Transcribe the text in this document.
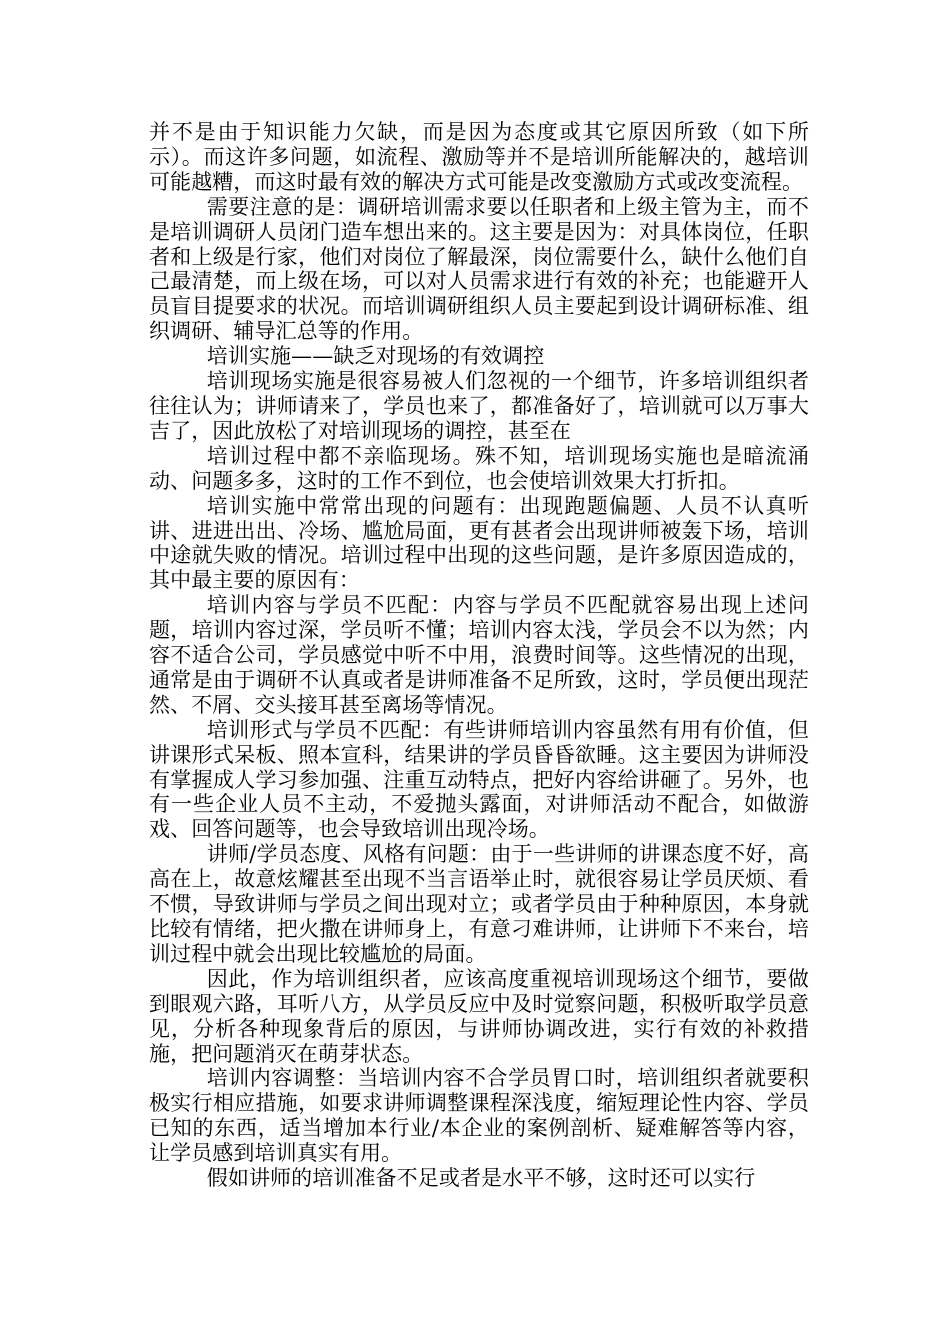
并不是由于知识能力欠缺，而是因为态度或其它原因所致（如下所示）。而这许多问题，如流程、激励等并不是培训所能解决的，越培训可能越糟，而这时最有效的解决方式可能是改变激励方式或改变流程。

需要注意的是：调研培训需求要以任职者和上级主管为主，而不是培训调研人员闭门造车想出来的。这主要是因为：对具体岗位，任职者和上级是行家，他们对岗位了解最深，岗位需要什么，缺什么他们自己最清楚，而上级在场，可以对人员需求进行有效的补充；也能避开人员盲目提要求的状况。而培训调研组织人员主要起到设计调研标准、组织调研、辅导汇总等的作用。

培训实施——缺乏对现场的有效调控

培训现场实施是很容易被人们忽视的一个细节，许多培训组织者往往认为；讲师请来了，学员也来了，都准备好了，培训就可以万事大吉了，因此放松了对培训现场的调控，甚至在

培训过程中都不亲临现场。殊不知，培训现场实施也是暗流涌动、问题多多，这时的工作不到位，也会使培训效果大打折扣。

培训实施中常常出现的问题有：出现跑题偏题、人员不认真听讲、进进出出、冷场、尴尬局面，更有甚者会出现讲师被轰下场，培训中途就失败的情况。培训过程中出现的这些问题，是许多原因造成的，其中最主要的原因有：

培训内容与学员不匹配：内容与学员不匹配就容易出现上述问题，培训内容过深，学员听不懂；培训内容太浅，学员会不以为然；内容不适合公司，学员感觉中听不中用，浪费时间等。这些情况的出现，通常是由于调研不认真或者是讲师准备不足所致，这时，学员便出现茫然、不屑、交头接耳甚至离场等情况。

培训形式与学员不匹配：有些讲师培训内容虽然有用有价值，但讲课形式呆板、照本宣科，结果讲的学员昏昏欲睡。这主要因为讲师没有掌握成人学习参加强、注重互动特点，把好内容给讲砸了。另外，也有一些企业人员不主动，不爱抛头露面，对讲师活动不配合，如做游戏、回答问题等，也会导致培训出现冷场。

讲师/学员态度、风格有问题：由于一些讲师的讲课态度不好，高高在上，故意炫耀甚至出现不当言语举止时，就很容易让学员厌烦、看不惯，导致讲师与学员之间出现对立；或者学员由于种种原因，本身就比较有情绪，把火撒在讲师身上，有意刁难讲师，让讲师下不来台，培训过程中就会出现比较尴尬的局面。

因此，作为培训组织者，应该高度重视培训现场这个细节，要做到眼观六路，耳听八方，从学员反应中及时觉察问题，积极听取学员意见，分析各种现象背后的原因，与讲师协调改进，实行有效的补救措施，把问题消灭在萌芽状态。

培训内容调整：当培训内容不合学员胃口时，培训组织者就要积极实行相应措施，如要求讲师调整课程深浅度，缩短理论性内容、学员已知的东西，适当增加本行业/本企业的案例剖析、疑难解答等内容，让学员感到培训真实有用。

假如讲师的培训准备不足或者是水平不够，这时还可以实行
